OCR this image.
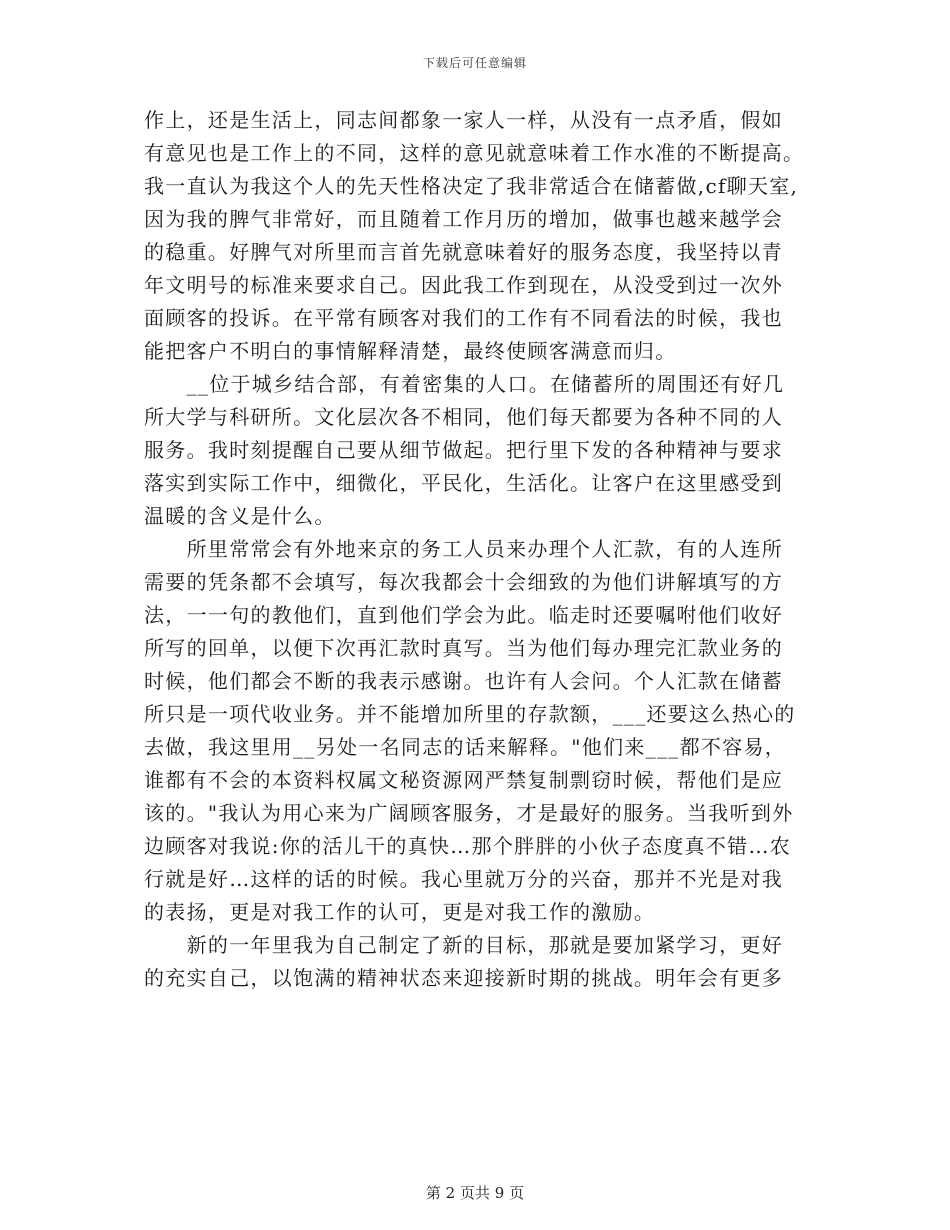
下载后可任意编辑
作上，还是生活上，同志间都象一家人一样，从没有一点矛盾，假如
有意见也是工作上的不同，这样的意见就意味着工作水准的不断提高。
我一直认为我这个人的先天性格决定了我非常适合在储蓄做,cf聊天室,
因为我的脾气非常好，而且随着工作月历的增加，做事也越来越学会
的稳重。好脾气对所里而言首先就意味着好的服务态度，我坚持以青
年文明号的标准来要求自己。因此我工作到现在，从没受到过一次外
面顾客的投诉。在平常有顾客对我们的工作有不同看法的时候，我也
能把客户不明白的事情解释清楚，最终使顾客满意而归。
　　__位于城乡结合部，有着密集的人口。在储蓄所的周围还有好几
所大学与科研所。文化层次各不相同，他们每天都要为各种不同的人
服务。我时刻提醒自己要从细节做起。把行里下发的各种精神与要求
落实到实际工作中，细微化，平民化，生活化。让客户在这里感受到
温暖的含义是什么。
　　所里常常会有外地来京的务工人员来办理个人汇款，有的人连所
需要的凭条都不会填写，每次我都会十会细致的为他们讲解填写的方
法，一一句的教他们，直到他们学会为此。临走时还要嘱咐他们收好
所写的回单，以便下次再汇款时真写。当为他们每办理完汇款业务的
时候，他们都会不断的我表示感谢。也许有人会问。个人汇款在储蓄
所只是一项代收业务。并不能增加所里的存款额，___还要这么热心的
去做，我这里用__另处一名同志的话来解释。"他们来___都不容易，
谁都有不会的本资料权属文秘资源网严禁复制剽窃时候，帮他们是应
该的。"我认为用心来为广阔顾客服务，才是最好的服务。当我听到外
边顾客对我说:你的活儿干的真快…那个胖胖的小伙子态度真不错…农
行就是好…这样的话的时候。我心里就万分的兴奋，那并不光是对我
的表扬，更是对我工作的认可，更是对我工作的激励。
　　新的一年里我为自己制定了新的目标，那就是要加紧学习，更好
的充实自己，以饱满的精神状态来迎接新时期的挑战。明年会有更多
第 2 页共 9 页
